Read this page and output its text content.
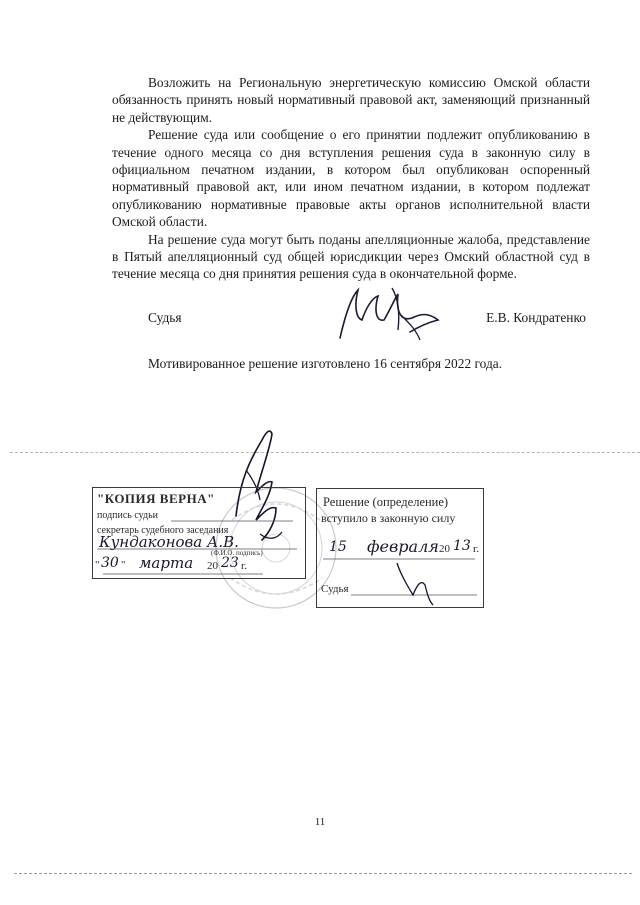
Возложить на Региональную энергетическую комиссию Омской области обязанность принять новый нормативный правовой акт, заменяющий признанный не действующим.

Решение суда или сообщение о его принятии подлежит опубликованию в течение одного месяца со дня вступления решения суда в законную силу в официальном печатном издании, в котором был опубликован оспоренный нормативный правовой акт, или ином печатном издании, в котором подлежат опубликованию нормативные правовые акты органов исполнительной власти Омской области.

На решение суда могут быть поданы апелляционные жалоба, представление в Пятый апелляционный суд общей юрисдикции через Омский областной суд в течение месяца со дня принятия решения суда в окончательной форме.

Судья	Е.В. Кондратенко
Мотивированное решение изготовлено 16 сентября 2022 года.
"КОПИЯ ВЕРНА"
подпись судьи
секретарь судебного заседания
Кундаконова А.В.
(Ф.И.О. подпись)
" 30 " марта 20 23 г.
Решение (определение)
вступило в законную силу
15 февраля 20 13 г.
Судья
11
